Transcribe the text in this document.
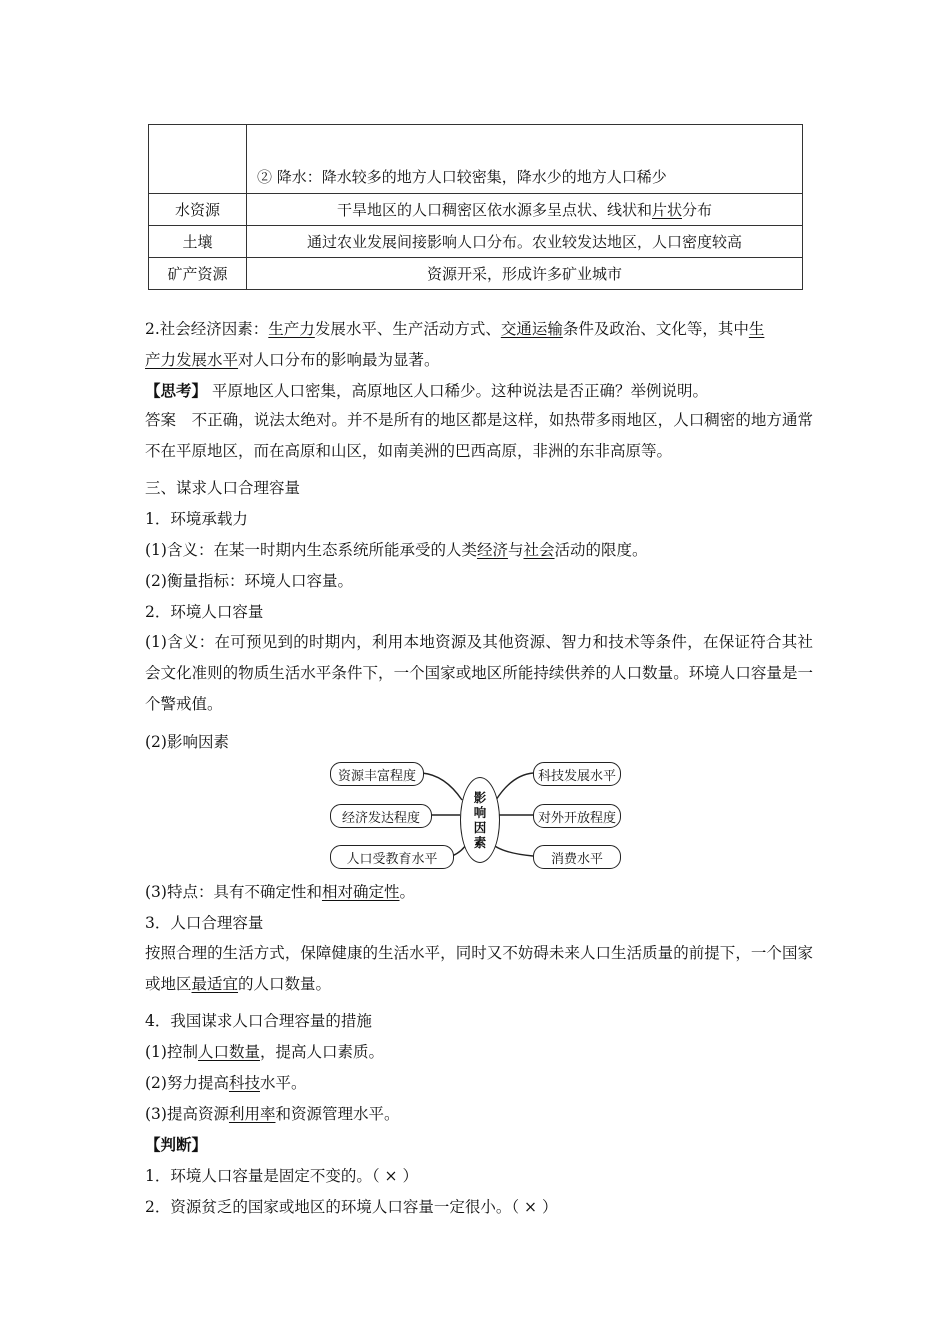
	② 降水：降水较多的地方人口较密集，降水少的地方人口稀少
水资源	干旱地区的人口稠密区依水源多呈点状、线状和片状分布
土壤	通过农业发展间接影响人口分布。农业较发达地区，人口密度较高
矿产资源	资源开采，形成许多矿业城市
2.社会经济因素：生产力发展水平、生产活动方式、交通运输条件及政治、文化等，其中生
产力发展水平对人口分布的影响最为显著。
【思考】 平原地区人口密集，高原地区人口稀少。这种说法是否正确？举例说明。
答案　不正确，说法太绝对。并不是所有的地区都是这样，如热带多雨地区，人口稠密的地方通常不在平原地区，而在高原和山区，如南美洲的巴西高原，非洲的东非高原等。
三、谋求人口合理容量
1．环境承载力
(1)含义：在某一时期内生态系统所能承受的人类经济与社会活动的限度。
(2)衡量指标：环境人口容量。
2．环境人口容量
(1)含义：在可预见到的时期内，利用本地资源及其他资源、智力和技术等条件，在保证符合其社会文化准则的物质生活水平条件下，一个国家或地区所能持续供养的人口数量。环境人口容量是一个警戒值。
(2)影响因素
资源丰富程度
经济发达程度
人口受教育水平
影
响
因
素
科技发展水平
对外开放程度
消费水平
(3)特点：具有不确定性和相对确定性。
3．人口合理容量
按照合理的生活方式，保障健康的生活水平，同时又不妨碍未来人口生活质量的前提下，一个国家或地区最适宜的人口数量。
4．我国谋求人口合理容量的措施
(1)控制人口数量，提高人口素质。
(2)努力提高科技水平。
(3)提高资源利用率和资源管理水平。
【判断】
1．环境人口容量是固定不变的。（ × ）
2．资源贫乏的国家或地区的环境人口容量一定很小。（ × ）
